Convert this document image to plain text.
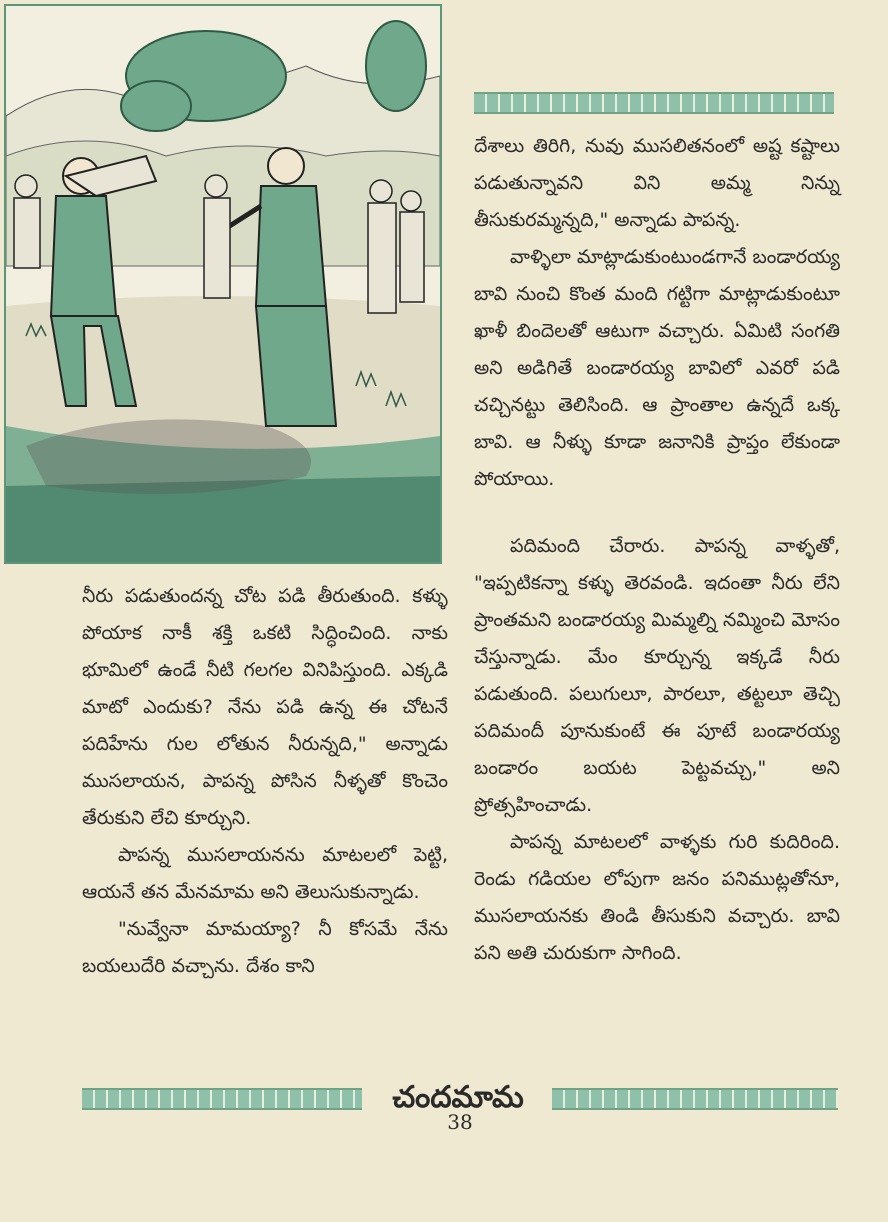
దేశాలు తిరిగి, నువు ముసలితనంలో అష్ట కష్టాలు పడుతున్నావని విని అమ్మ నిన్ను తీసుకురమ్మన్నది," అన్నాడు పాపన్న.

వాళ్ళిలా మాట్లాడుకుంటుండగానే బండారయ్య బావి నుంచి కొంత మంది గట్టిగా మాట్లాడుకుంటూ ఖాళీ బిందెలతో ఆటుగా వచ్చారు. ఏమిటి సంగతి అని అడిగితే బండారయ్య బావిలో ఎవరో పడి చచ్చినట్టు తెలిసింది. ఆ ప్రాంతాల ఉన్నదే ఒక్క బావి. ఆ నీళ్ళు కూడా జనానికి ప్రాప్తం లేకుండా పోయాయి.

నీరు పడుతుందన్న చోట పడి తీరుతుంది. కళ్ళు పోయాక నాకీ శక్తి ఒకటి సిద్ధించింది. నాకు భూమిలో ఉండే నీటి గలగల వినిపిస్తుంది. ఎక్కడి మాటో ఎందుకు? నేను పడి ఉన్న ఈ చోటనే పదిహేను గుల లోతున నీరున్నది," అన్నాడు ముసలాయన, పాపన్న పోసిన నీళ్ళతో కొంచెం తేరుకుని లేచి కూర్చుని.

పాపన్న ముసలాయనను మాటలలో పెట్టి, ఆయనే తన మేనమామ అని తెలుసుకున్నాడు.

"నువ్వేనా మామయ్యా? నీ కోసమే నేను బయలుదేరి వచ్చాను. దేశం కాని

పదిమంది చేరారు. పాపన్న వాళ్ళతో, "ఇప్పటికన్నా కళ్ళు తెరవండి. ఇదంతా నీరు లేని ప్రాంతమని బండారయ్య మిమ్మల్ని నమ్మించి మోసం చేస్తున్నాడు. మేం కూర్చున్న ఇక్కడే నీరు పడుతుంది. పలుగులూ, పారలూ, తట్టలూ తెచ్చి పదిమందీ పూనుకుంటే ఈ పూటే బండారయ్య బండారం బయట పెట్టవచ్చు," అని ప్రోత్సహించాడు.

పాపన్న మాటలలో వాళ్ళకు గురి కుదిరింది. రెండు గడియల లోపుగా జనం పనిముట్లతోనూ, ముసలాయనకు తిండి తీసుకుని వచ్చారు. బావి పని అతి చురుకుగా సాగింది.

చందమామ
38
